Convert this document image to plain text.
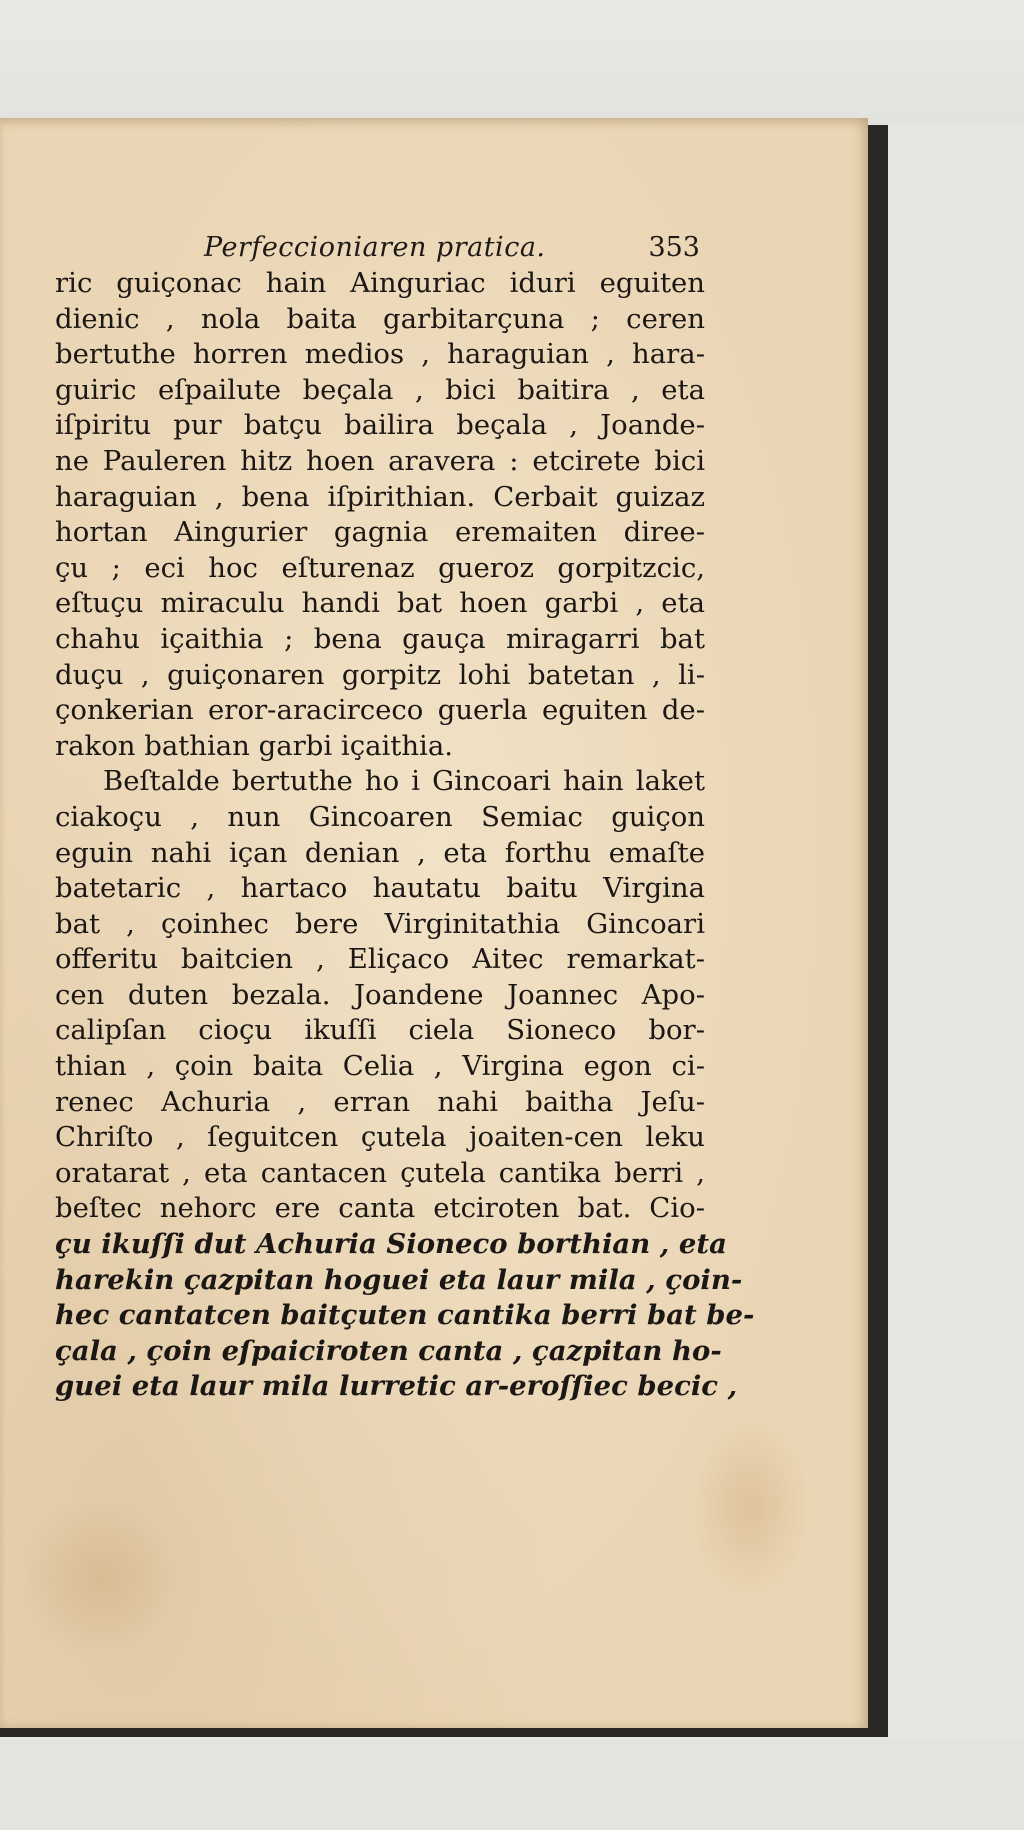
Perfeccioniaren pratica.	353
ric guiçonac hain Ainguriac iduri eguiten
dienic , nola baita garbitarçuna ; ceren
bertuthe horren medios , haraguian , hara-
guiric eſpailute beçala , bici baitira , eta
iſpiritu pur batçu bailira beçala , Joande-
ne Pauleren hitz hoen aravera : etcirete bici
haraguian , bena iſpirithian. Cerbait guizaz
hortan Aingurier gagnia eremaiten diree-
çu ; eci hoc eſturenaz gueroz gorpitzcic,
eſtuçu miraculu handi bat hoen garbi , eta
chahu içaithia ; bena gauça miragarri bat
duçu , guiçonaren gorpitz lohi batetan , li-
çonkerian eror-aracirceco guerla eguiten de-
rakon bathian garbi içaithia.
Beſtalde bertuthe ho i Gincoari hain laket
ciakoçu , nun Gincoaren Semiac guiçon
eguin nahi içan denian , eta forthu emaſte
batetaric , hartaco hautatu baitu Virgina
bat , çoinhec bere Virginitathia Gincoari
offeritu baitcien , Eliçaco Aitec remarkat-
cen duten bezala. Joandene Joannec Apo-
calipſan cioçu ikuſſi ciela Sioneco bor-
thian , çoin baita Celia , Virgina egon ci-
renec Achuria , erran nahi baitha Jeſu-
Chriſto , ſeguitcen çutela joaiten-cen leku
oratarat , eta cantacen çutela cantika berri ,
beſtec nehorc ere canta etciroten bat. Cio-
çu ikuſſi dut Achuria Sioneco borthian , eta
harekin çazpitan hoguei eta laur mila , çoin-
hec cantatcen baitçuten cantika berri bat be-
çala , çoin eſpaiciroten canta , çazpitan ho-
guei eta laur mila lurretic ar-eroſſiec becic ,
